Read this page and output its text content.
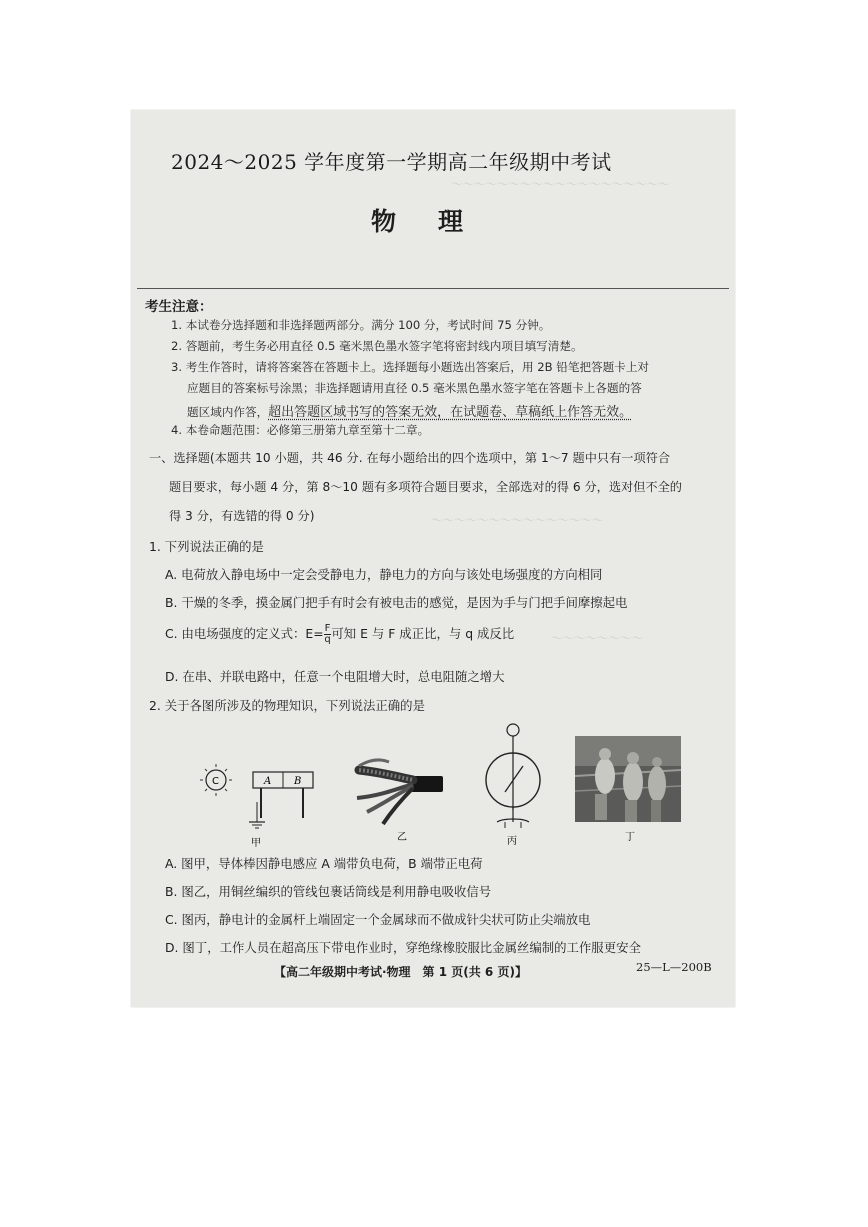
～～～～～～～～～～～～～～～～～～～
～～～～～～～～～～～～～～～
～～～～～～～～
2024～2025 学年度第一学期高二年级期中考试
物理
考生注意：
1. 本试卷分选择题和非选择题两部分。满分 100 分，考试时间 75 分钟。
2. 答题前，考生务必用直径 0.5 毫米黑色墨水签字笔将密封线内项目填写清楚。
3. 考生作答时，请将答案答在答题卡上。选择题每小题选出答案后，用 2B 铅笔把答题卡上对
应题目的答案标号涂黑；非选择题请用直径 0.5 毫米黑色墨水签字笔在答题卡上各题的答
题区域内作答，超出答题区域书写的答案无效，在试题卷、草稿纸上作答无效。
4. 本卷命题范围：必修第三册第九章至第十二章。
一、选择题(本题共 10 小题，共 46 分. 在每小题给出的四个选项中，第 1～7 题中只有一项符合
题目要求，每小题 4 分，第 8～10 题有多项符合题目要求，全部选对的得 6 分，选对但不全的
得 3 分，有选错的得 0 分)
1. 下列说法正确的是
A. 电荷放入静电场中一定会受静电力，静电力的方向与该处电场强度的方向相同
B. 干燥的冬季，摸金属门把手有时会有被电击的感觉，是因为手与门把手间摩擦起电
C. 由电场强度的定义式：$E= \frac{F}{q}$ 可知 E 与 F 成正比，与 q 成反比
D. 在串、并联电路中，任意一个电阻增大时，总电阻随之增大
2. 关于各图所涉及的物理知识，下列说法正确的是
C	A B
甲
乙	丙	丁
A. 图甲，导体棒因静电感应 A 端带负电荷，B 端带正电荷
B. 图乙，用铜丝编织的管线包裹话筒线是利用静电吸收信号
C. 图丙，静电计的金属杆上端固定一个金属球而不做成针尖状可防止尖端放电
D. 图丁，工作人员在超高压下带电作业时，穿绝缘橡胶服比金属丝编制的工作服更安全
【高二年级期中考试·物理　第 1 页(共 6 页)】	25—L—200B
